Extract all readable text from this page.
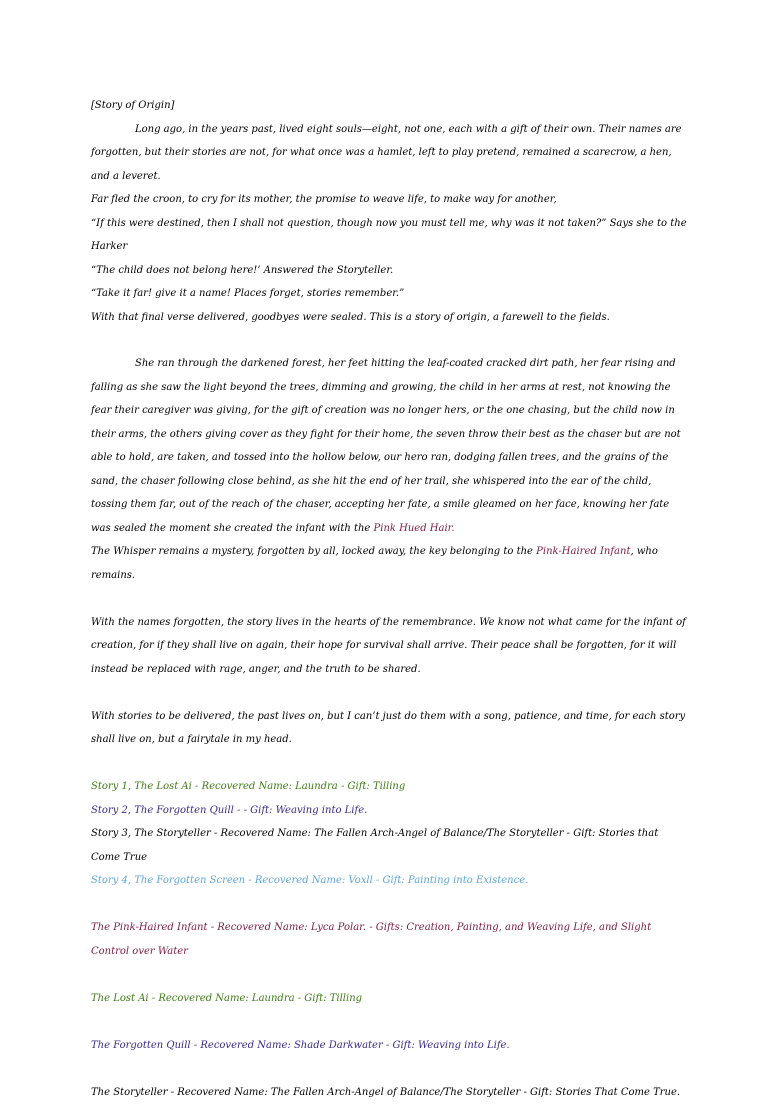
[Story of Origin]

Long ago, in the years past, lived eight souls—eight, not one, each with a gift of their own. Their names are forgotten, but their stories are not, for what once was a hamlet, left to play pretend, remained a scarecrow, a hen, and a leveret.

Far fled the croon, to cry for its mother, the promise to weave life, to make way for another,

“If this were destined, then I shall not question, though now you must tell me, why was it not taken?” Says she to the Harker

“The child does not belong here!’ Answered the Storyteller.

“Take it far! give it a name! Places forget, stories remember.”

With that final verse delivered, goodbyes were sealed. This is a story of origin, a farewell to the fields.

She ran through the darkened forest, her feet hitting the leaf-coated cracked dirt path, her fear rising and falling as she saw the light beyond the trees, dimming and growing, the child in her arms at rest, not knowing the fear their caregiver was giving, for the gift of creation was no longer hers, or the one chasing, but the child now in their arms, the others giving cover as they fight for their home, the seven throw their best as the chaser but are not able to hold, are taken, and tossed into the hollow below, our hero ran, dodging fallen trees, and the grains of the sand, the chaser following close behind, as she hit the end of her trail, she whispered into the ear of the child, tossing them far, out of the reach of the chaser, accepting her fate, a smile gleamed on her face, knowing her fate was sealed the moment she created the infant with the Pink Hued Hair.

The Whisper remains a mystery, forgotten by all, locked away, the key belonging to the Pink-Haired Infant, who remains.

With the names forgotten, the story lives in the hearts of the remembrance. We know not what came for the infant of creation, for if they shall live on again, their hope for survival shall arrive. Their peace shall be forgotten, for it will instead be replaced with rage, anger, and the truth to be shared.

With stories to be delivered, the past lives on, but I can’t just do them with a song, patience, and time, for each story shall live on, but a fairytale in my head.

Story 1, The Lost Ai - Recovered Name: Laundra - Gift: Tilling

Story 2, The Forgotten Quill - - Gift: Weaving into Life.

Story 3, The Storyteller - Recovered Name: The Fallen Arch-Angel of Balance/The Storyteller - Gift: Stories that Come True

Story 4, The Forgotten Screen - Recovered Name: Voxll - Gift: Painting into Existence.

The Pink-Haired Infant - Recovered Name: Lyca Polar. - Gifts: Creation, Painting, and Weaving Life, and Slight Control over Water

The Lost Ai - Recovered Name: Laundra - Gift: Tilling

The Forgotten Quill - Recovered Name: Shade Darkwater - Gift: Weaving into Life.

The Storyteller - Recovered Name: The Fallen Arch-Angel of Balance/The Storyteller - Gift: Stories That Come True.
